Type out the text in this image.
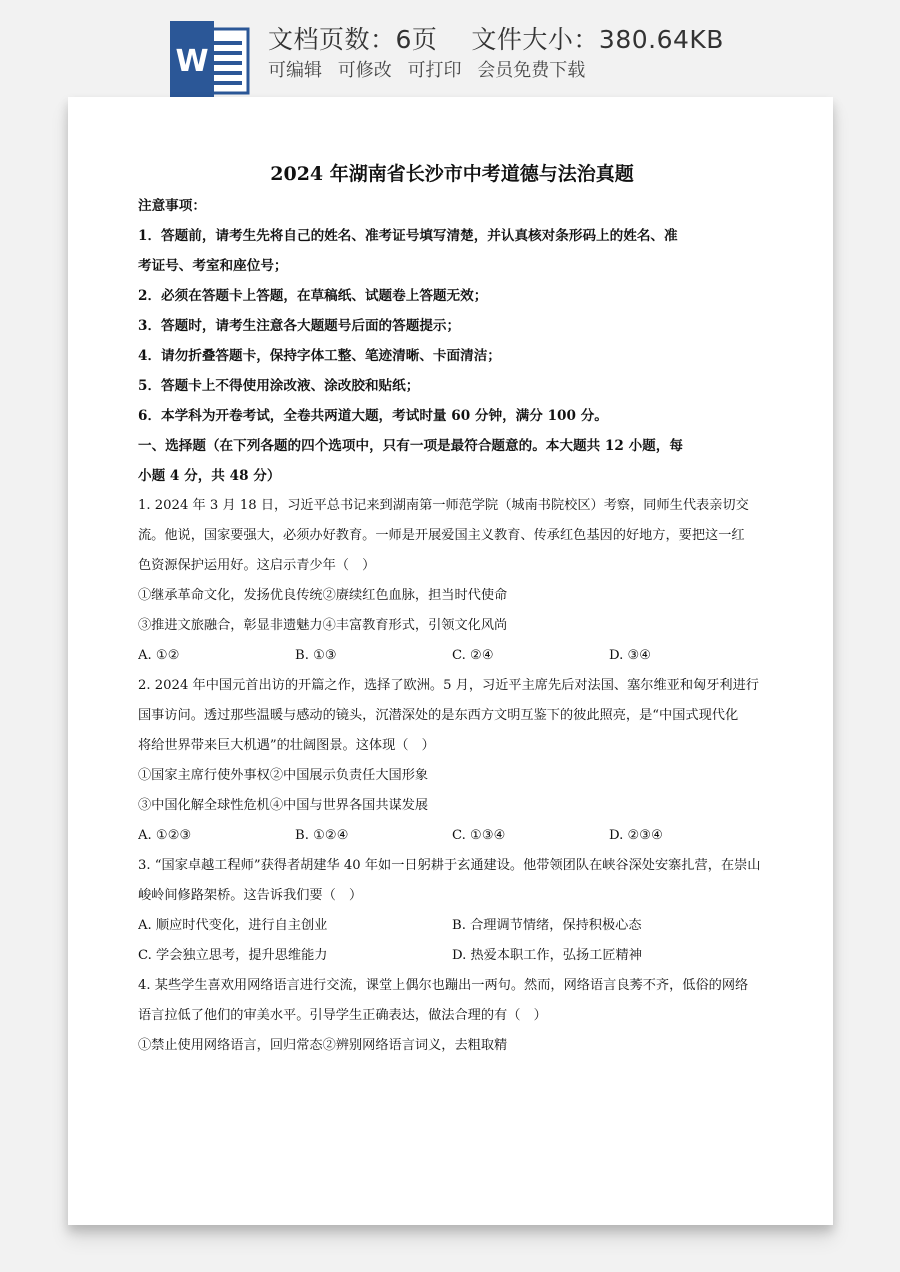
W
文档页数：6页 文件大小：380.64KB
可编辑 可修改 可打印 会员免费下载
2024 年湖南省长沙市中考道德与法治真题
注意事项：
1．答题前，请考生先将自己的姓名、准考证号填写清楚，并认真核对条形码上的姓名、准
考证号、考室和座位号；
2．必须在答题卡上答题，在草稿纸、试题卷上答题无效；
3．答题时，请考生注意各大题题号后面的答题提示；
4．请勿折叠答题卡，保持字体工整、笔迹清晰、卡面清洁；
5．答题卡上不得使用涂改液、涂改胶和贴纸；
6．本学科为开卷考试，全卷共两道大题，考试时量 60 分钟，满分 100 分。
一、选择题（在下列各题的四个选项中，只有一项是最符合题意的。本大题共 12 小题，每
小题 4 分，共 48 分）
1. 2024 年 3 月 18 日，习近平总书记来到湖南第一师范学院（城南书院校区）考察，同师生代表亲切交
流。他说，国家要强大，必须办好教育。一师是开展爱国主义教育、传承红色基因的好地方，要把这一红
色资源保护运用好。这启示青少年（　）
①继承革命文化，发扬优良传统②赓续红色血脉，担当时代使命
③推进文旅融合，彰显非遗魅力④丰富教育形式，引领文化风尚
A. ①②	B. ①③	C. ②④	D. ③④
2. 2024 年中国元首出访的开篇之作，选择了欧洲。5 月，习近平主席先后对法国、塞尔维亚和匈牙利进行
国事访问。透过那些温暖与感动的镜头，沉潜深处的是东西方文明互鉴下的彼此照亮，是“中国式现代化
将给世界带来巨大机遇”的壮阔图景。这体现（　）
①国家主席行使外事权②中国展示负责任大国形象
③中国化解全球性危机④中国与世界各国共谋发展
A. ①②③	B. ①②④	C. ①③④	D. ②③④
3. “国家卓越工程师”获得者胡建华 40 年如一日躬耕于玄通建设。他带领团队在峡谷深处安寨扎营，在崇山
峻岭间修路架桥。这告诉我们要（　）
A. 顺应时代变化，进行自主创业	B. 合理调节情绪，保持积极心态
C. 学会独立思考，提升思维能力	D. 热爱本职工作，弘扬工匠精神
4. 某些学生喜欢用网络语言进行交流，课堂上偶尔也蹦出一两句。然而，网络语言良莠不齐，低俗的网络
语言拉低了他们的审美水平。引导学生正确表达，做法合理的有（　）
①禁止使用网络语言，回归常态②辨别网络语言词义，去粗取精
